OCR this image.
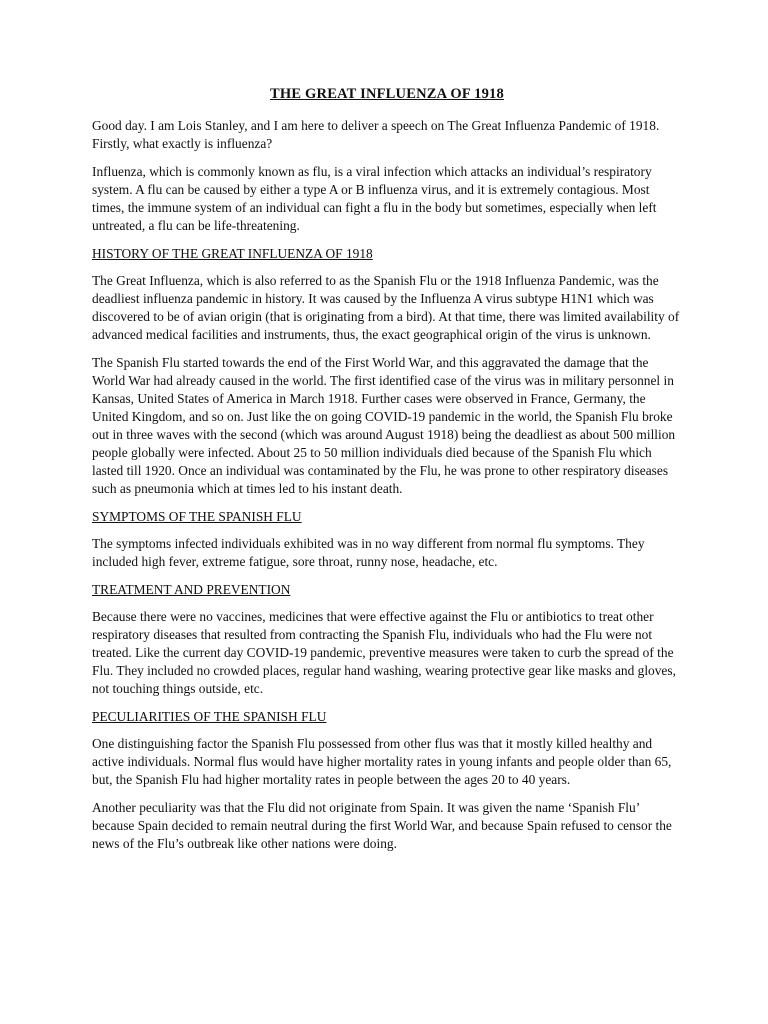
THE GREAT INFLUENZA OF 1918

Good day. I am Lois Stanley, and I am here to deliver a speech on The Great Influenza Pandemic of 1918. Firstly, what exactly is influenza?

Influenza, which is commonly known as flu, is a viral infection which attacks an individual’s respiratory system. A flu can be caused by either a type A or B influenza virus, and it is extremely contagious. Most times, the immune system of an individual can fight a flu in the body but sometimes, especially when left untreated, a flu can be life-threatening.

HISTORY OF THE GREAT INFLUENZA OF 1918

The Great Influenza, which is also referred to as the Spanish Flu or the 1918 Influenza Pandemic, was the deadliest influenza pandemic in history. It was caused by the Influenza A virus subtype H1N1 which was discovered to be of avian origin (that is originating from a bird). At that time, there was limited availability of advanced medical facilities and instruments, thus, the exact geographical origin of the virus is unknown.

The Spanish Flu started towards the end of the First World War, and this aggravated the damage that the World War had already caused in the world. The first identified case of the virus was in military personnel in Kansas, United States of America in March 1918. Further cases were observed in France, Germany, the United Kingdom, and so on. Just like the on going COVID-19 pandemic in the world, the Spanish Flu broke out in three waves with the second (which was around August 1918) being the deadliest as about 500 million people globally were infected. About 25 to 50 million individuals died because of the Spanish Flu which lasted till 1920. Once an individual was contaminated by the Flu, he was prone to other respiratory diseases such as pneumonia which at times led to his instant death.

SYMPTOMS OF THE SPANISH FLU

The symptoms infected individuals exhibited was in no way different from normal flu symptoms. They included high fever, extreme fatigue, sore throat, runny nose, headache, etc.

TREATMENT AND PREVENTION

Because there were no vaccines, medicines that were effective against the Flu or antibiotics to treat other respiratory diseases that resulted from contracting the Spanish Flu, individuals who had the Flu were not treated. Like the current day COVID-19 pandemic, preventive measures were taken to curb the spread of the Flu. They included no crowded places, regular hand washing, wearing protective gear like masks and gloves, not touching things outside, etc.

PECULIARITIES OF THE SPANISH FLU

One distinguishing factor the Spanish Flu possessed from other flus was that it mostly killed healthy and active individuals. Normal flus would have higher mortality rates in young infants and people older than 65, but, the Spanish Flu had higher mortality rates in people between the ages 20 to 40 years.

Another peculiarity was that the Flu did not originate from Spain. It was given the name ‘Spanish Flu’ because Spain decided to remain neutral during the first World War, and because Spain refused to censor the news of the Flu’s outbreak like other nations were doing.
